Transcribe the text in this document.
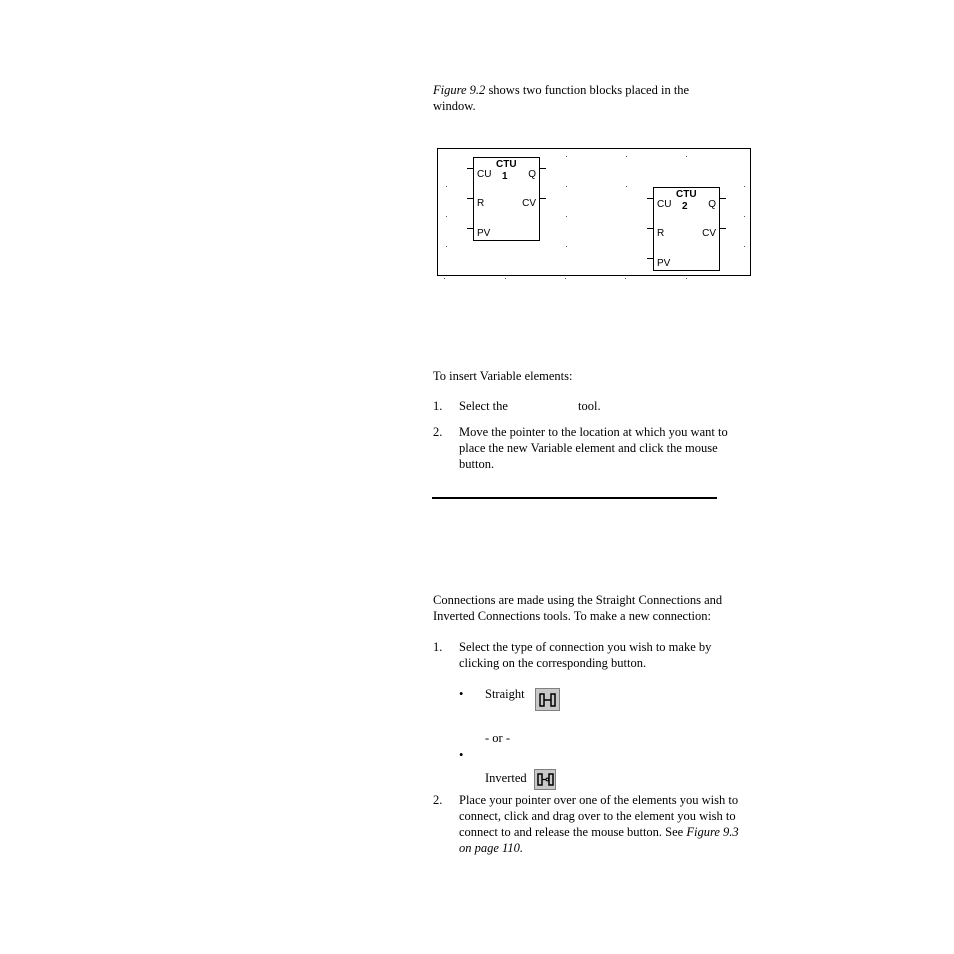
Figure 9.2 shows two function blocks placed in the
window.
CTU
1
CU
R
PV
Q
CV
CTU
2
CU
R
PV
Q
CV
To insert Variable elements:
1. Select the	tool.
2. Move the pointer to the location at which you want to
place the new Variable element and click the mouse
button.
Connections are made using the Straight Connections and
Inverted Connections tools. To make a new connection:
1. Select the type of connection you wish to make by
clicking on the corresponding button.
• Straight
- or -
•
Inverted
2. Place your pointer over one of the elements you wish to
connect, click and drag over to the element you wish to
connect to and release the mouse button. See Figure 9.3
on page 110.
